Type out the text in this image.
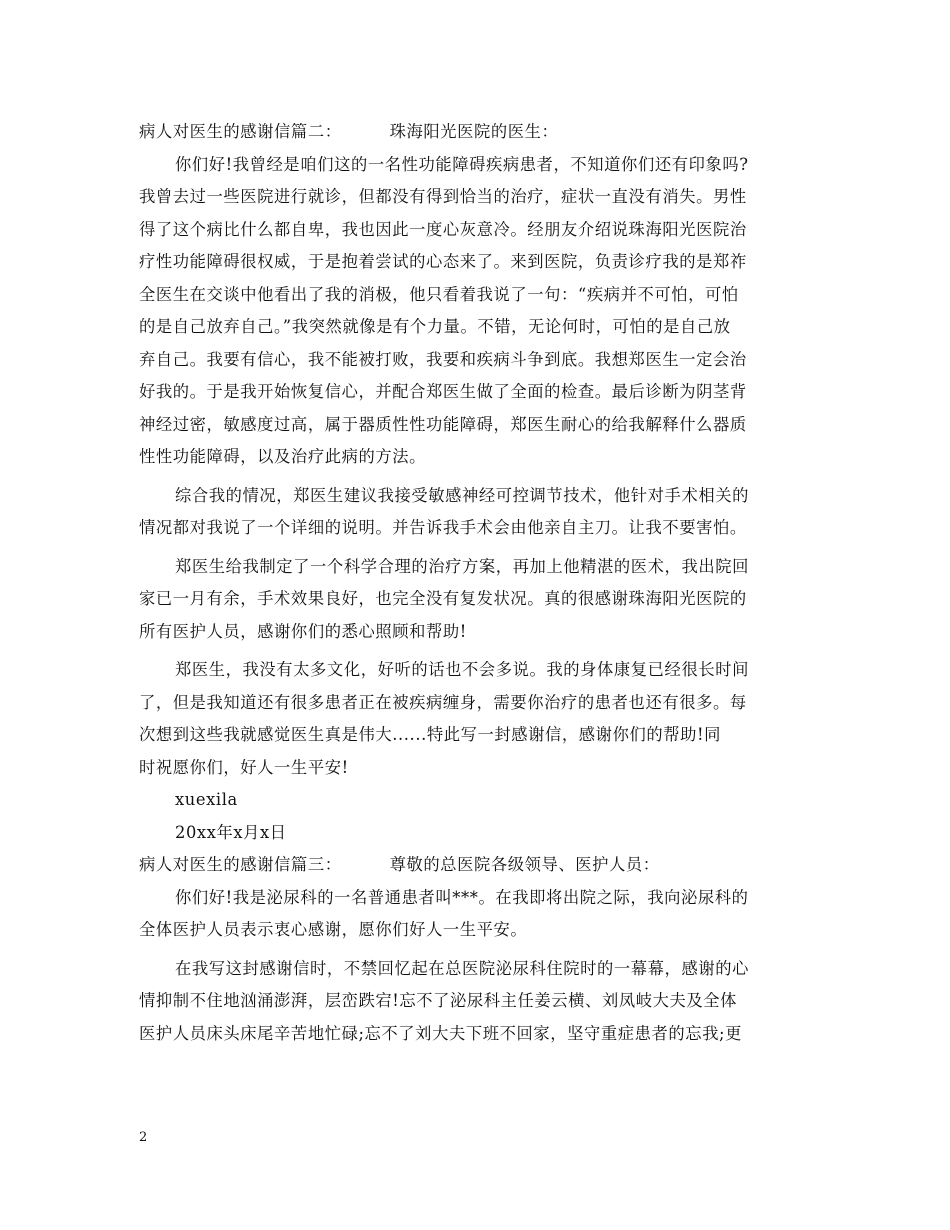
病人对医生的感谢信篇二：	珠海阳光医院的医生：
你们好!我曾经是咱们这的一名性功能障碍疾病患者，不知道你们还有印象吗?
我曾去过一些医院进行就诊，但都没有得到恰当的治疗，症状一直没有消失。男性
得了这个病比什么都自卑，我也因此一度心灰意冷。经朋友介绍说珠海阳光医院治
疗性功能障碍很权威，于是抱着尝试的心态来了。来到医院，负责诊疗我的是郑祚
全医生在交谈中他看出了我的消极，他只看着我说了一句：“疾病并不可怕，可怕
的是自己放弃自己。”我突然就像是有个力量。不错，无论何时，可怕的是自己放
弃自己。我要有信心，我不能被打败，我要和疾病斗争到底。我想郑医生一定会治
好我的。于是我开始恢复信心，并配合郑医生做了全面的检查。最后诊断为阴茎背
神经过密，敏感度过高，属于器质性性功能障碍，郑医生耐心的给我解释什么器质
性性功能障碍，以及治疗此病的方法。
综合我的情况，郑医生建议我接受敏感神经可控调节技术，他针对手术相关的
情况都对我说了一个详细的说明。并告诉我手术会由他亲自主刀。让我不要害怕。
郑医生给我制定了一个科学合理的治疗方案，再加上他精湛的医术，我出院回
家已一月有余，手术效果良好，也完全没有复发状况。真的很感谢珠海阳光医院的
所有医护人员，感谢你们的悉心照顾和帮助!
郑医生，我没有太多文化，好听的话也不会多说。我的身体康复已经很长时间
了，但是我知道还有很多患者正在被疾病缠身，需要你治疗的患者也还有很多。每
次想到这些我就感觉医生真是伟大......特此写一封感谢信，感谢你们的帮助!同
时祝愿你们，好人一生平安!
xuexila
20xx年x月x日
病人对医生的感谢信篇三：	尊敬的总医院各级领导、医护人员：
你们好!我是泌尿科的一名普通患者叫***。在我即将出院之际，我向泌尿科的
全体医护人员表示衷心感谢，愿你们好人一生平安。
在我写这封感谢信时，不禁回忆起在总医院泌尿科住院时的一幕幕，感谢的心
情抑制不住地汹涌澎湃，层峦跌宕!忘不了泌尿科主任姜云横、刘凤岐大夫及全体
医护人员床头床尾辛苦地忙碌;忘不了刘大夫下班不回家，坚守重症患者的忘我;更
2
